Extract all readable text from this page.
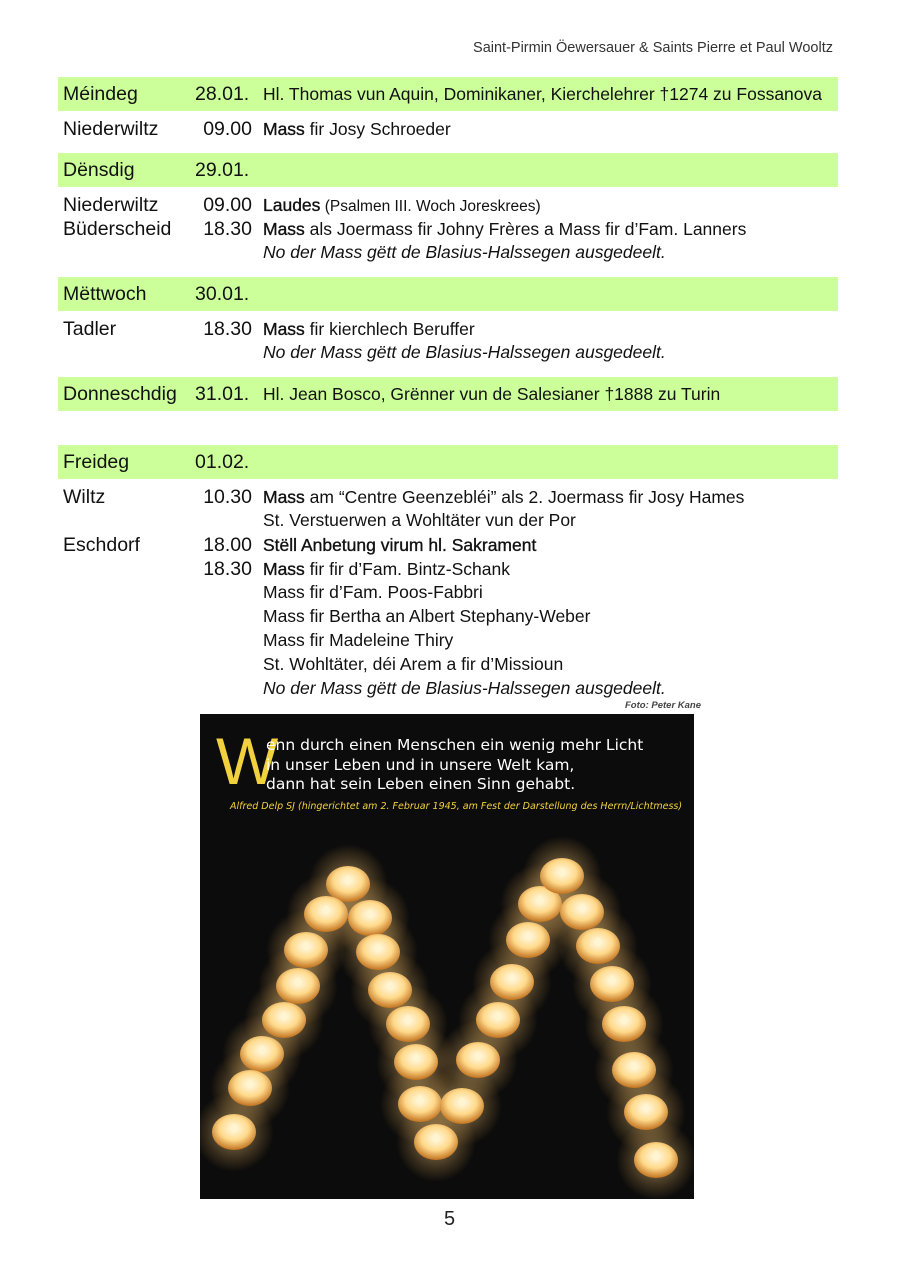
Saint-Pirmin Öewersauer & Saints Pierre et Paul Wooltz
Méindeg	28.01. Hl. Thomas vun Aquin, Dominikaner, Kierchelehrer †1274 zu Fossanova
Niederwiltz	09.00 Mass fir Josy Schroeder
Dënsdig	29.01.
Niederwiltz	09.00 Laudes (Psalmen III. Woch Joreskrees)
Büderscheid	18.30 Mass als Joermass fir Johny Frères a Mass fir d’Fam. Lanners
No der Mass gëtt de Blasius-Halssegen ausgedeelt.
Mëttwoch	30.01.
Tadler	18.30 Mass fir kierchlech Beruffer
No der Mass gëtt de Blasius-Halssegen ausgedeelt.
Donneschdig 31.01. Hl. Jean Bosco, Grënner vun de Salesianer †1888 zu Turin
Freideg	01.02.
Wiltz	10.30 Mass am “Centre Geenzebléi” als 2. Joermass fir Josy Hames
St. Verstuerwen a Wohltäter vun der Por
Eschdorf	18.00 Stëll Anbetung virum hl. Sakrament
18.30 Mass fir fir d’Fam. Bintz-Schank
Mass fir d’Fam. Poos-Fabbri
Mass fir Bertha an Albert Stephany-Weber
Mass fir Madeleine Thiry
St. Wohltäter, déi Arem a fir d’Missioun
No der Mass gëtt de Blasius-Halssegen ausgedeelt.
Foto: Peter Kane
W
enn durch einen Menschen ein wenig mehr Licht
in unser Leben und in unsere Welt kam,
dann hat sein Leben einen Sinn gehabt.
Alfred Delp SJ (hingerichtet am 2. Februar 1945, am Fest der Darstellung des Herrn/Lichtmess)
5
